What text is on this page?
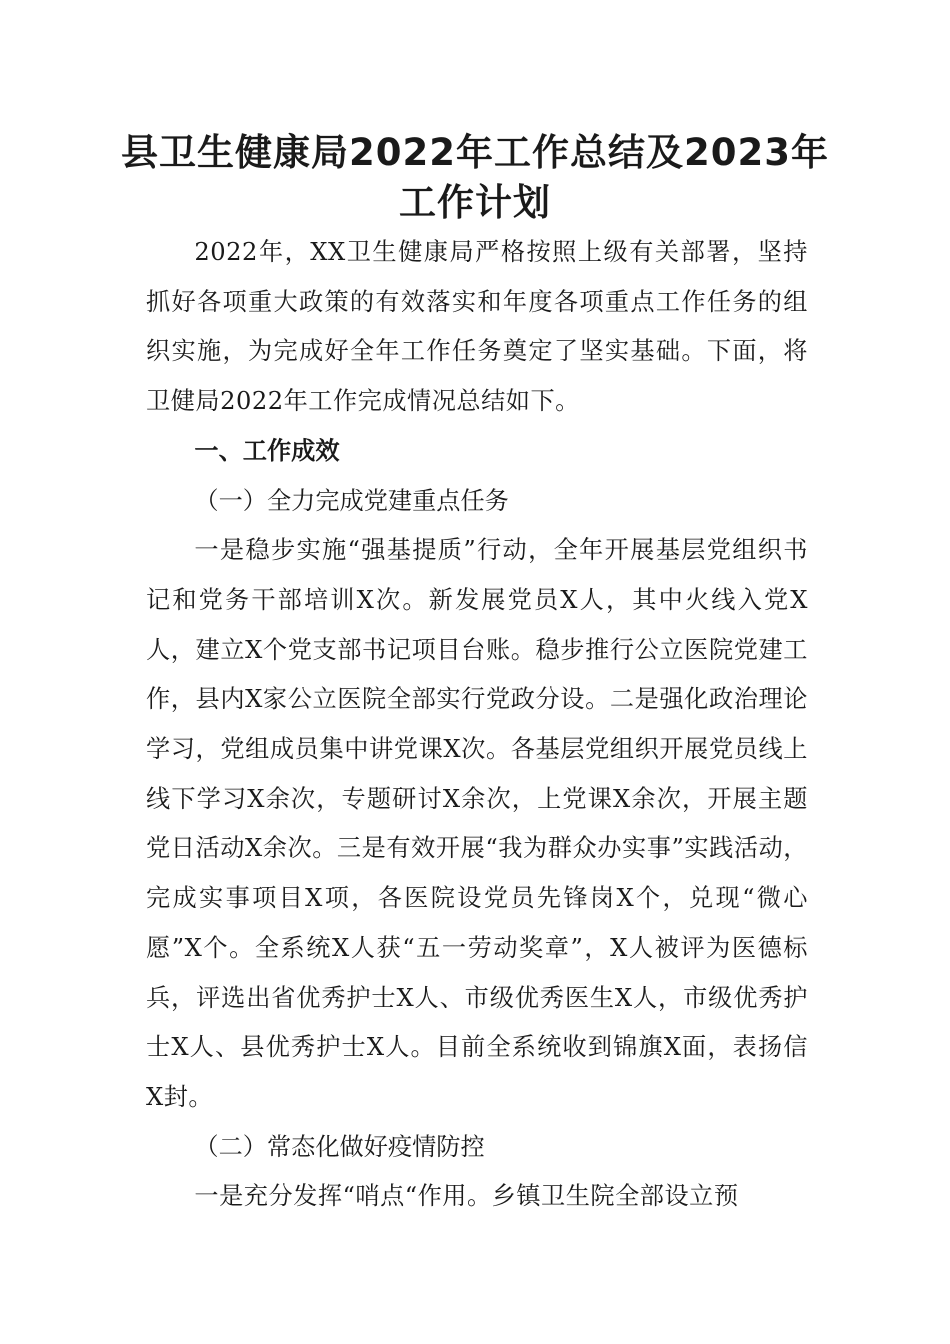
县卫生健康局2022年工作总结及2023年
工作计划

2022年，XX卫生健康局严格按照上级有关部署，坚持抓好各项重大政策的有效落实和年度各项重点工作任务的组织实施，为完成好全年工作任务奠定了坚实基础。下面，将卫健局2022年工作完成情况总结如下。

一、工作成效
（一）全力完成党建重点任务

一是稳步实施“强基提质”行动，全年开展基层党组织书记和党务干部培训X次。新发展党员X人，其中火线入党X人，建立X个党支部书记项目台账。稳步推行公立医院党建工作，县内X家公立医院全部实行党政分设。二是强化政治理论学习，党组成员集中讲党课X次。各基层党组织开展党员线上线下学习X余次，专题研讨X余次，上党课X余次，开展主题党日活动X余次。三是有效开展“我为群众办实事”实践活动，完成实事项目X项，各医院设党员先锋岗X个，兑现“微心愿”X个。全系统X人获“五一劳动奖章”，X人被评为医德标兵，评选出省优秀护士X人、市级优秀医生X人，市级优秀护士X人、县优秀护士X人。目前全系统收到锦旗X面，表扬信X封。

（二）常态化做好疫情防控

一是充分发挥“哨点“作用。乡镇卫生院全部设立预
